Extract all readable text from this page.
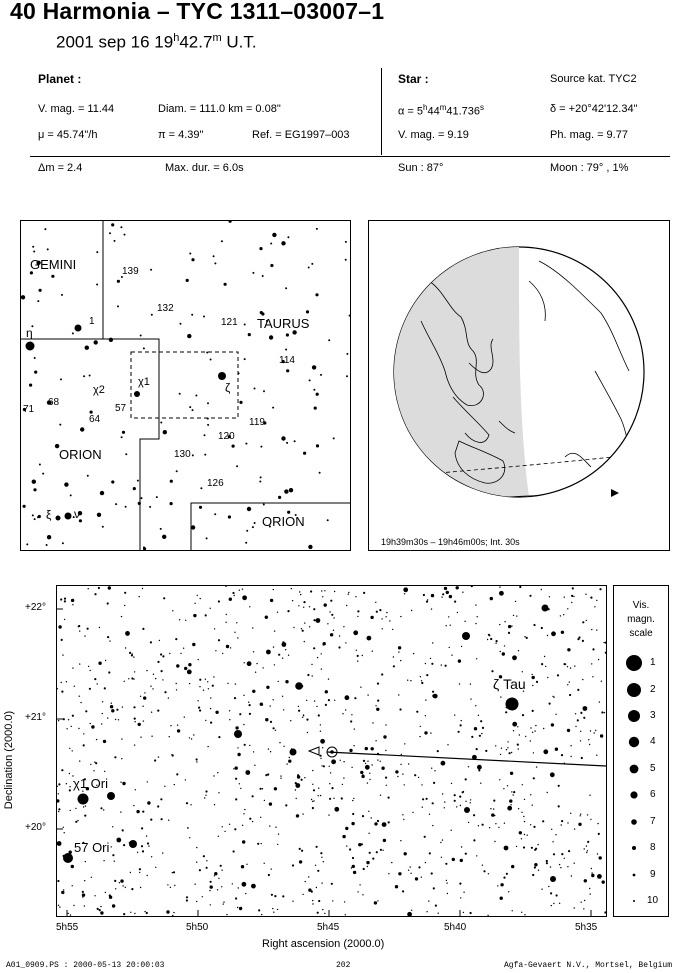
40 Harmonia – TYC 1311–03007–1
2001 sep 16 19$^h$42.7$^m$ U.T.
Planet :
V. mag. = 11.44	Diam. = 111.0 km = 0.08"
μ = 45.74"/h	π = 4.39"	Ref. = EG1997–003
Δm = 2.4	Max. dur. = 6.0s
Star :	Source kat. TYC2
$\alpha = 5^h44^m41.736^s$	δ = +20°42'12.34"
V. mag. = 9.19	Ph. mag. = 9.77
Sun : 87°	Moon : 79° , 1%
GEMINI
TAURUS
ORION
ORION
139
132
121
114
η
1
χ2
χ1
57
68
71
64
ζ
119
120
130
126
ξ ν
19h39m30s – 19h46m00s; Int. 30s
ζ Tau
χ1 Ori
57 Ori
+22°
+21°
+20°
5h55	5h50	5h45	5h40	5h35
Right ascension (2000.0)
Declination (2000.0)
Vis.
magn.
scale
1
2
3
4
5
6
7
8
9
10
A01_0909.PS : 2000-05-13 20:00:03	202	Agfa-Gevaert N.V., Mortsel, Belgium
